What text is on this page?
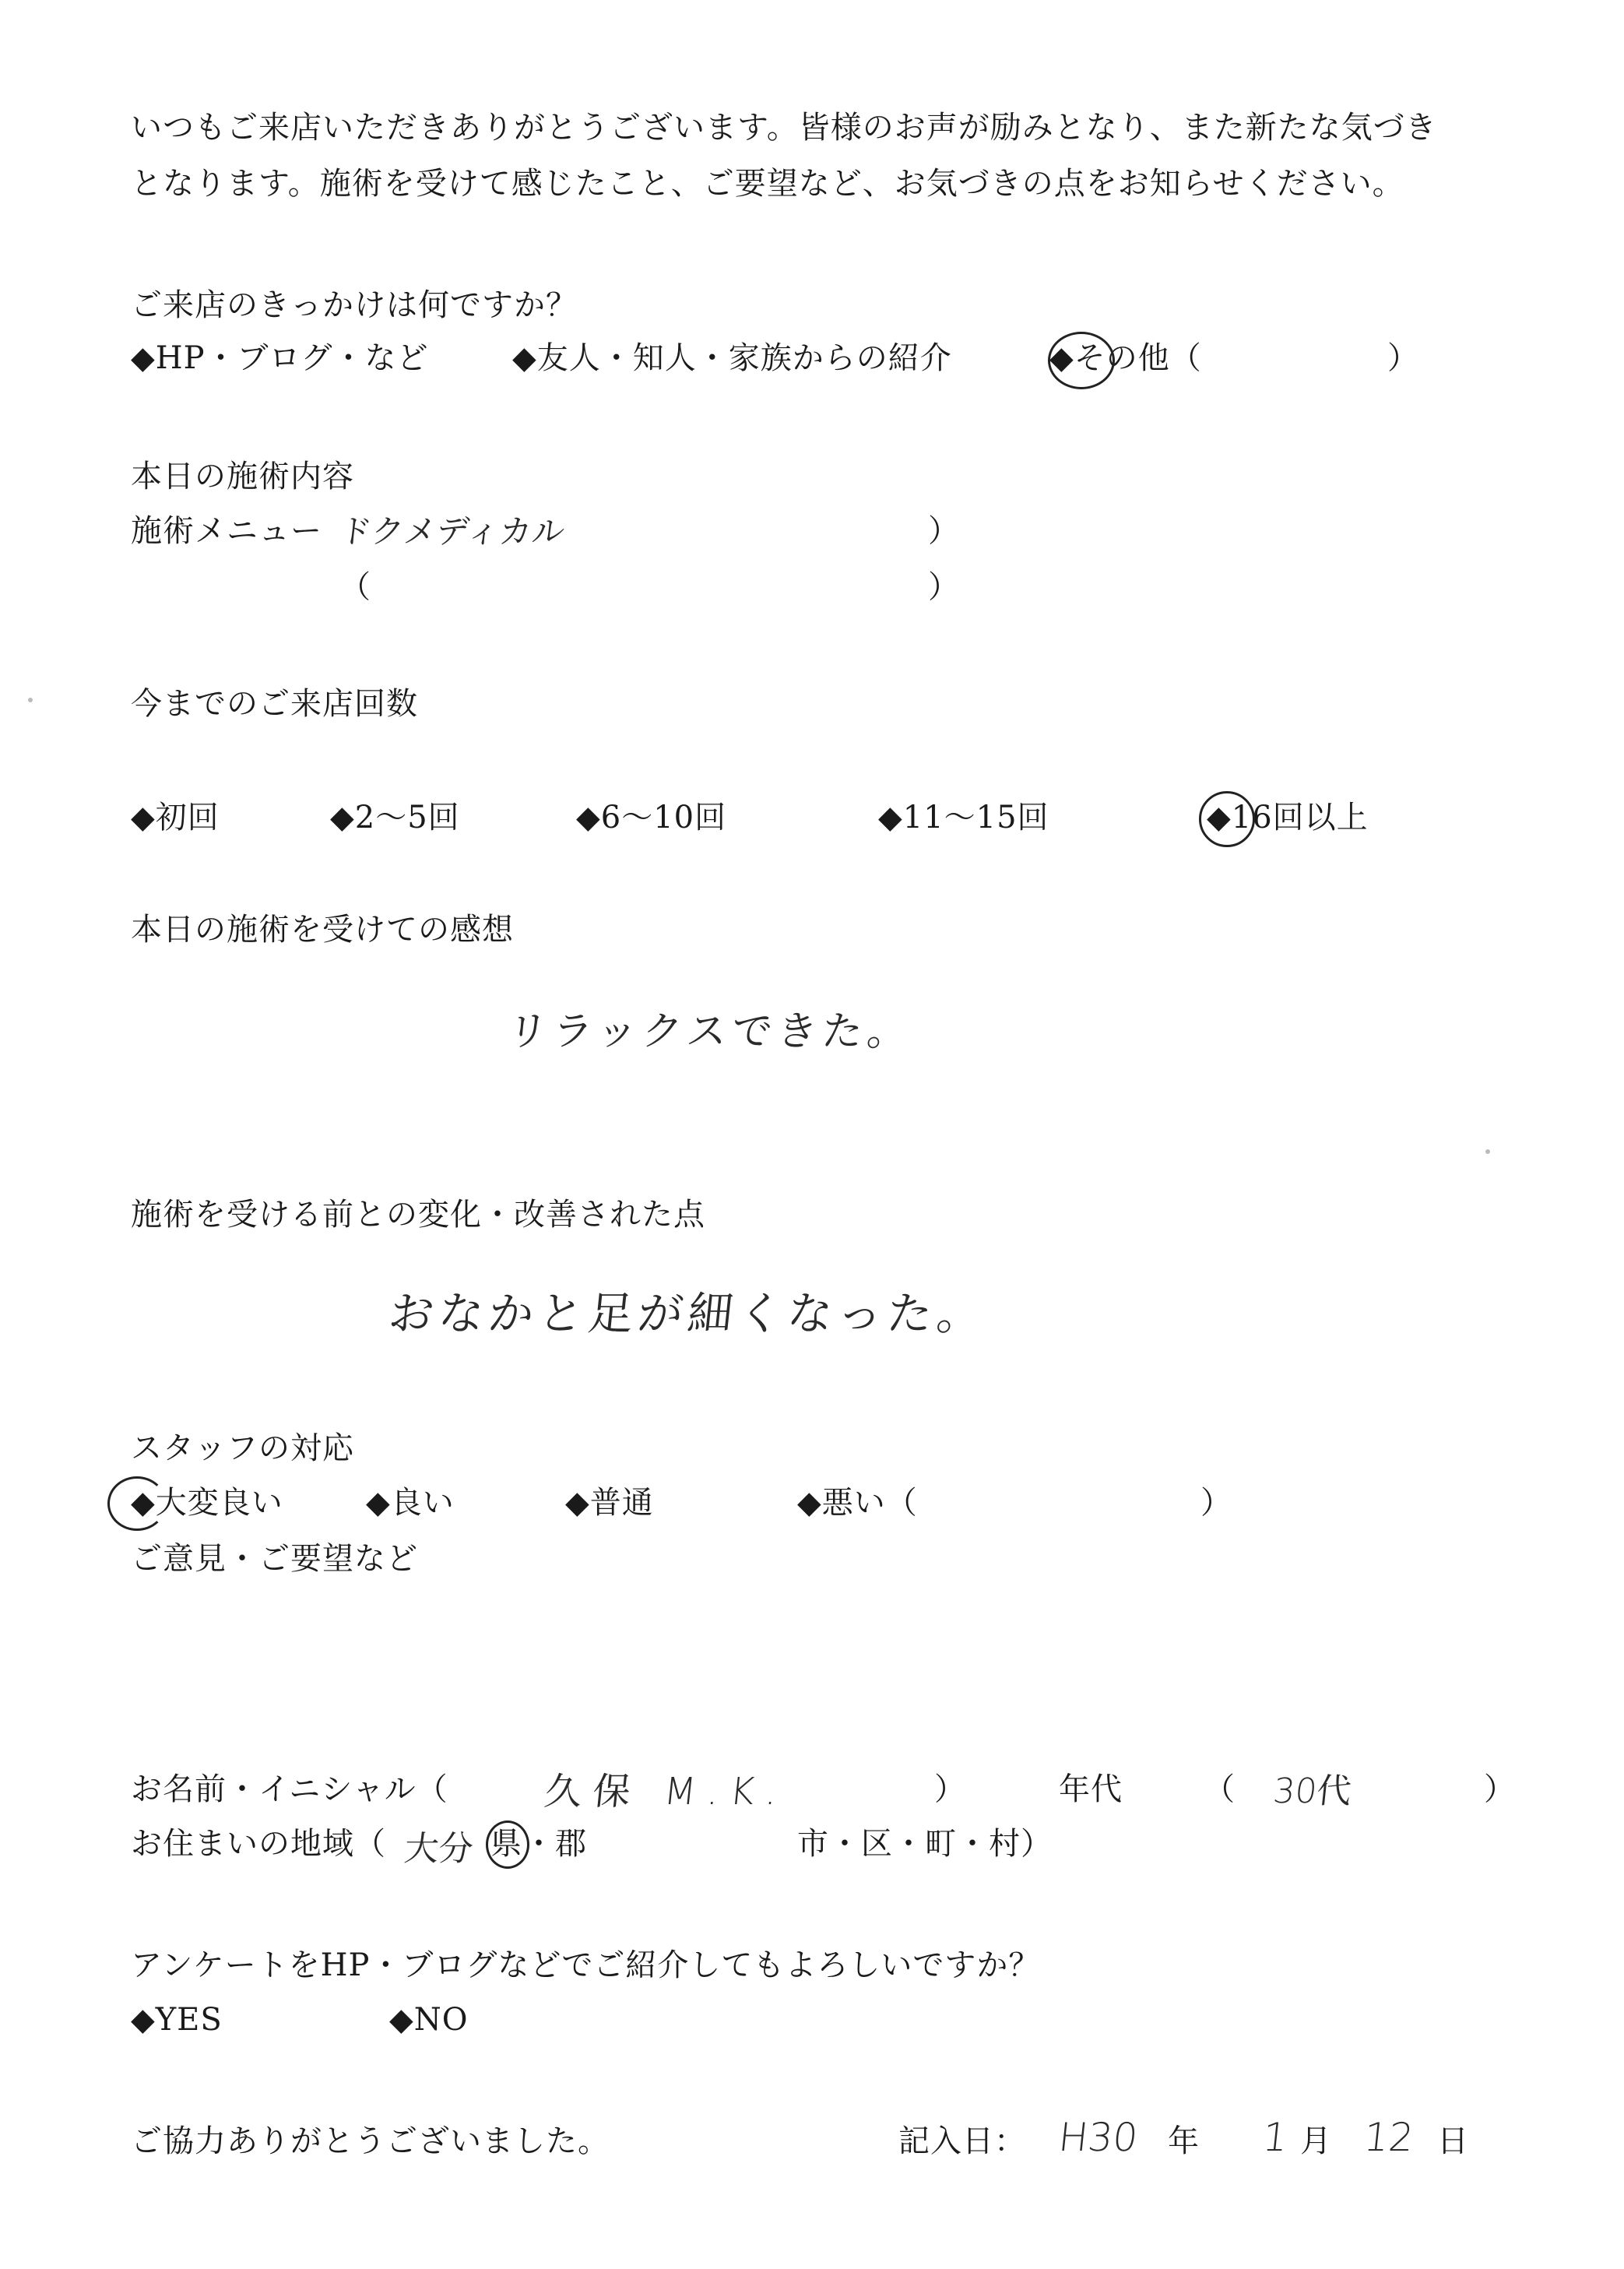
いつもご来店いただきありがとうございます。皆様のお声が励みとなり、また新たな気づき
となります。施術を受けて感じたこと、ご要望など、お気づきの点をお知らせください。
ご来店のきっかけは何ですか？
◆HP・ブログ・など	◆友人・知人・家族からの紹介	◆その他（	）
本日の施術内容
施術メニュー ドクメディカル	）
（	）
今までのご来店回数
◆初回	◆2～5回	◆6～10回	◆11～15回	◆16回以上
本日の施術を受けての感想
リラックスできた。
施術を受ける前との変化・改善された点
おなかと足が細くなった。
スタッフの対応
◆大変良い	◆良い	◆普通	◆悪い（	）
ご意見・ご要望など
お名前・イニシャル（	久保 M.K.	）	年代	（ 30代	）
お住まいの地域（ 大分 県 ・郡	市・区・町・村）
アンケートをHP・ブログなどでご紹介してもよろしいですか？
◆YES	◆NO
ご協力ありがとうございました。	記入日： H30 年 1 月 12 日
